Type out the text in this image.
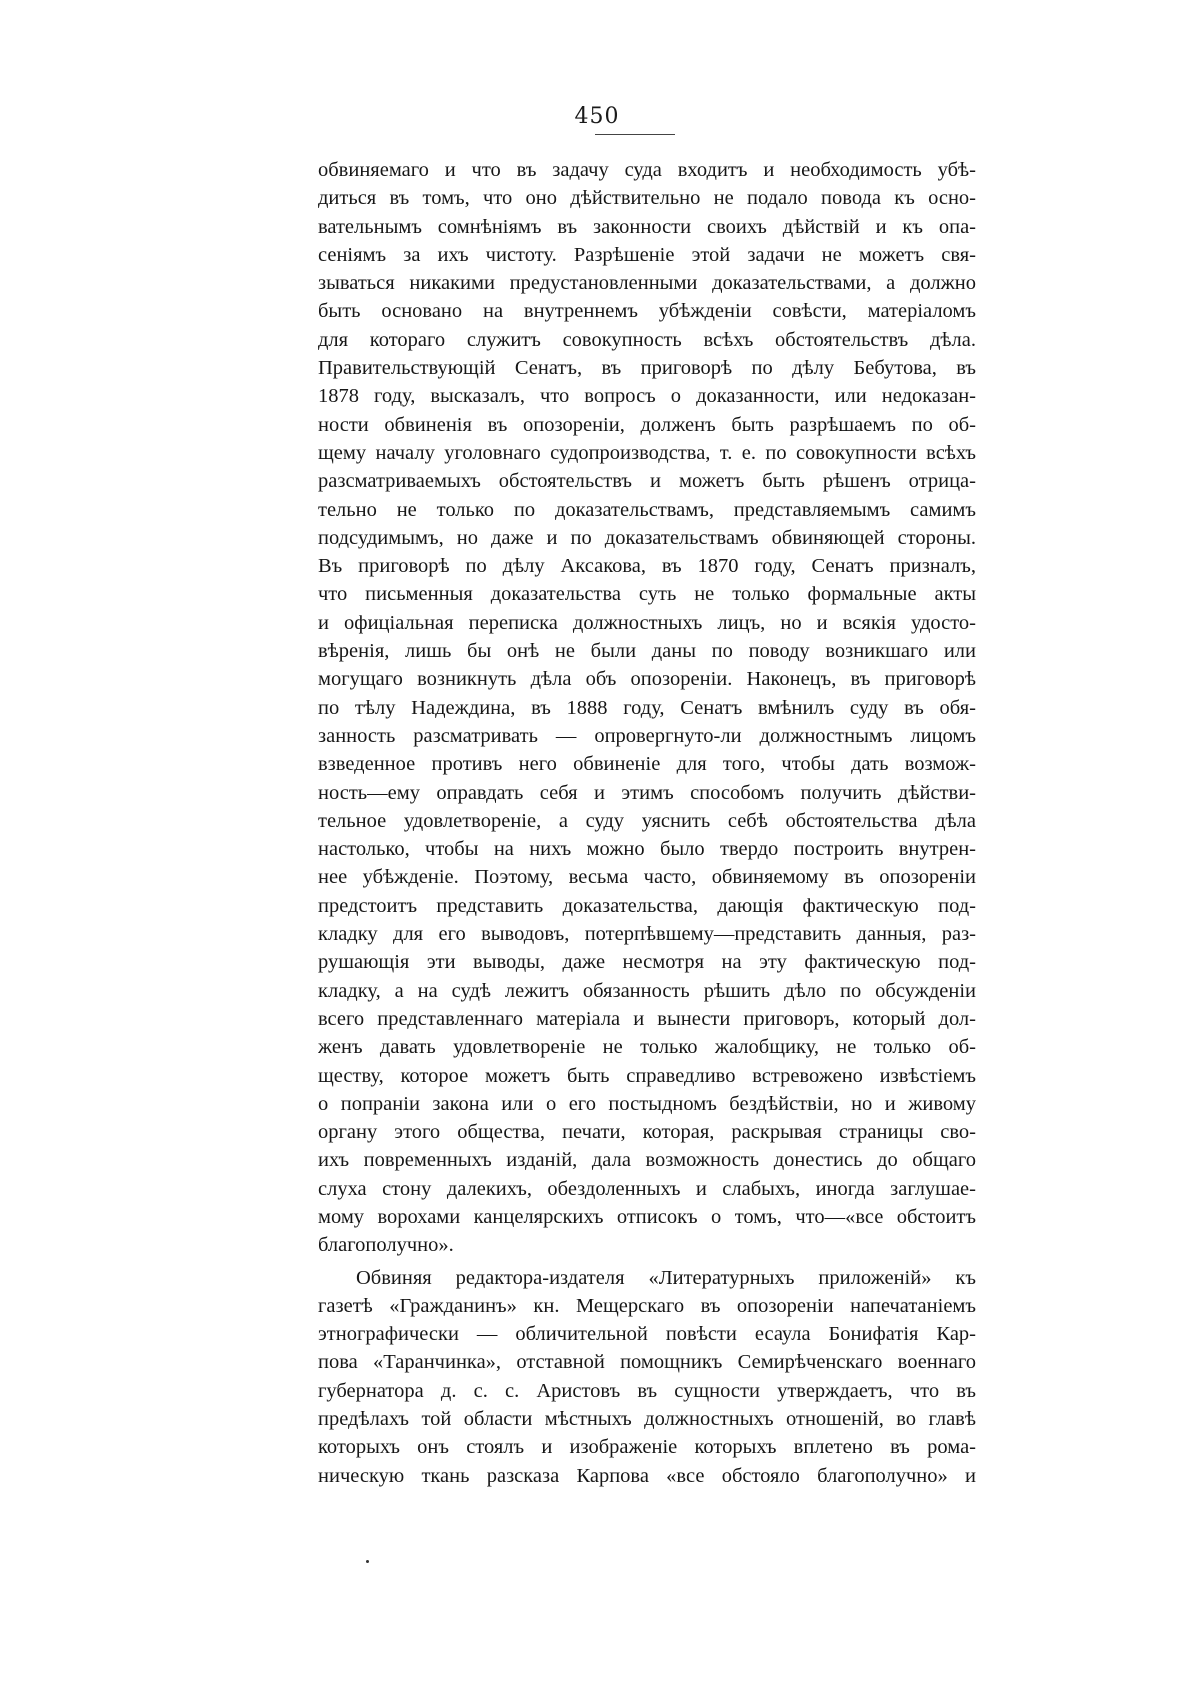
450
обвиняемаго и что въ задачу суда входитъ и необходимость убѣ-
диться въ томъ, что оно дѣйствительно не подало повода къ осно-
вательнымъ сомнѣніямъ въ законности своихъ дѣйствій и къ опа-
сеніямъ за ихъ чистоту. Разрѣшеніе этой задачи не можетъ свя-
зываться никакими предустановленными доказательствами, а должно
быть основано на внутреннемъ убѣжденіи совѣсти, матеріаломъ
для котораго служитъ совокупность всѣхъ обстоятельствъ дѣла.
Правительствующій Сенатъ, въ приговорѣ по дѣлу Бебутова, въ
1878 году, высказалъ, что вопросъ о доказанности, или недоказан-
ности обвиненія въ опозореніи, долженъ быть разрѣшаемъ по об-
щему началу уголовнаго судопроизводства, т. е. по совокупности всѣхъ
разсматриваемыхъ обстоятельствъ и можетъ быть рѣшенъ отрица-
тельно не только по доказательствамъ, представляемымъ самимъ
подсудимымъ, но даже и по доказательствамъ обвиняющей стороны.
Въ приговорѣ по дѣлу Аксакова, въ 1870 году, Сенатъ призналъ,
что письменныя доказательства суть не только формальные акты
и офиціальная переписка должностныхъ лицъ, но и всякія удосто-
вѣренія, лишь бы онѣ не были даны по поводу возникшаго или
могущаго возникнуть дѣла объ опозореніи. Наконецъ, въ приговорѣ
по тѣлу Надеждина, въ 1888 году, Сенатъ вмѣнилъ суду въ обя-
занность разсматривать — опровергнуто-ли должностнымъ лицомъ
взведенное противъ него обвиненіе для того, чтобы дать возмож-
ность—ему оправдать себя и этимъ способомъ получить дѣйстви-
тельное удовлетвореніе, а суду уяснить себѣ обстоятельства дѣла
настолько, чтобы на нихъ можно было твердо построить внутрен-
нее убѣжденіе. Поэтому, весьма часто, обвиняемому въ опозореніи
предстоитъ представить доказательства, дающія фактическую под-
кладку для его выводовъ, потерпѣвшему—представить данныя, раз-
рушающія эти выводы, даже несмотря на эту фактическую под-
кладку, а на судѣ лежитъ обязанность рѣшить дѣло по обсужденіи
всего представленнаго матеріала и вынести приговоръ, который дол-
женъ давать удовлетвореніе не только жалобщику, не только об-
ществу, которое можетъ быть справедливо встревожено извѣстіемъ
о попраніи закона или о его постыдномъ бездѣйствіи, но и живому
органу этого общества, печати, которая, раскрывая страницы сво-
ихъ повременныхъ изданій, дала возможность донестись до общаго
слуха стону далекихъ, обездоленныхъ и слабыхъ, иногда заглушае-
мому ворохами канцелярскихъ отписокъ о томъ, что—«все обстоитъ
благополучно».
Обвиняя редактора-издателя «Литературныхъ приложеній» къ
газетѣ «Гражданинъ» кн. Мещерскаго въ опозореніи напечатаніемъ
этнографически — обличительной повѣсти есаула Бонифатія Кар-
пова «Таранчинка», отставной помощникъ Семирѣченскаго военнаго
губернатора д. с. с. Аристовъ въ сущности утверждаетъ, что въ
предѣлахъ той области мѣстныхъ должностныхъ отношеній, во главѣ
которыхъ онъ стоялъ и изображеніе которыхъ вплетено въ рома-
ническую ткань разсказа Карпова «все обстояло благополучно» и
